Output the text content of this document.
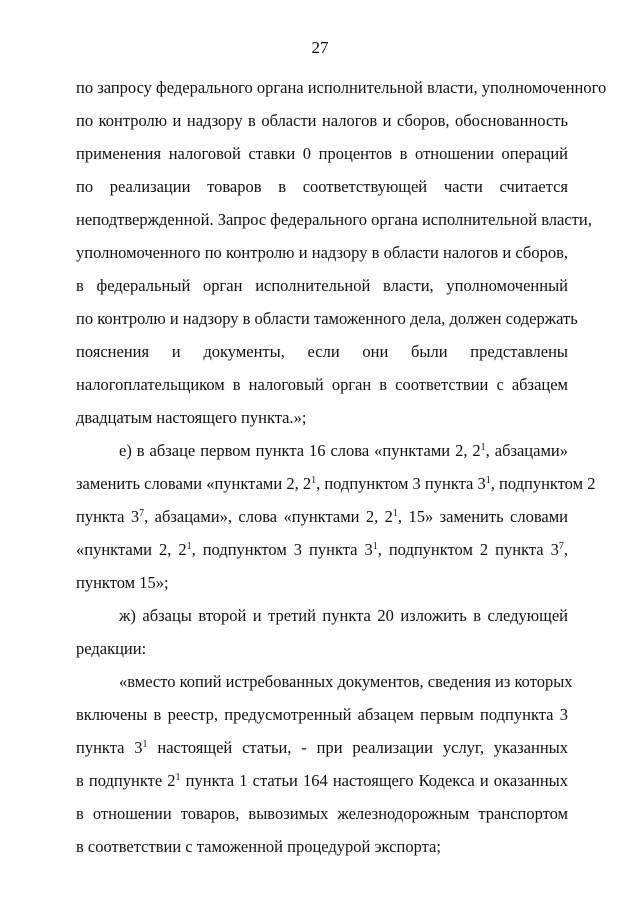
27
по запросу федерального органа исполнительной власти, уполномоченного
по контролю и надзору в области налогов и сборов, обоснованность
применения налоговой ставки 0 процентов в отношении операций
по реализации товаров в соответствующей части считается
неподтвержденной. Запрос федерального органа исполнительной власти,
уполномоченного по контролю и надзору в области налогов и сборов,
в федеральный орган исполнительной власти, уполномоченный
по контролю и надзору в области таможенного дела, должен содержать
пояснения и документы, если они были представлены
налогоплательщиком в налоговый орган в соответствии с абзацем
двадцатым настоящего пункта.»;
е) в абзаце первом пункта 16 слова «пунктами 2, $2^1$, абзацами»
заменить словами «пунктами 2, $2^1$, подпунктом 3 пункта $3^1$, подпунктом 2
пункта $3^7$, абзацами», слова «пунктами 2, $2^1$, 15» заменить словами
«пунктами 2, $2^1$, подпунктом 3 пункта $3^1$, подпунктом 2 пункта $3^7$,
пунктом 15»;
ж) абзацы второй и третий пункта 20 изложить в следующей
редакции:
«вместо копий истребованных документов, сведения из которых
включены в реестр, предусмотренный абзацем первым подпункта 3
пункта $3^1$ настоящей статьи, - при реализации услуг, указанных
в подпункте $2^1$ пункта 1 статьи 164 настоящего Кодекса и оказанных
в отношении товаров, вывозимых железнодорожным транспортом
в соответствии с таможенной процедурой экспорта;
